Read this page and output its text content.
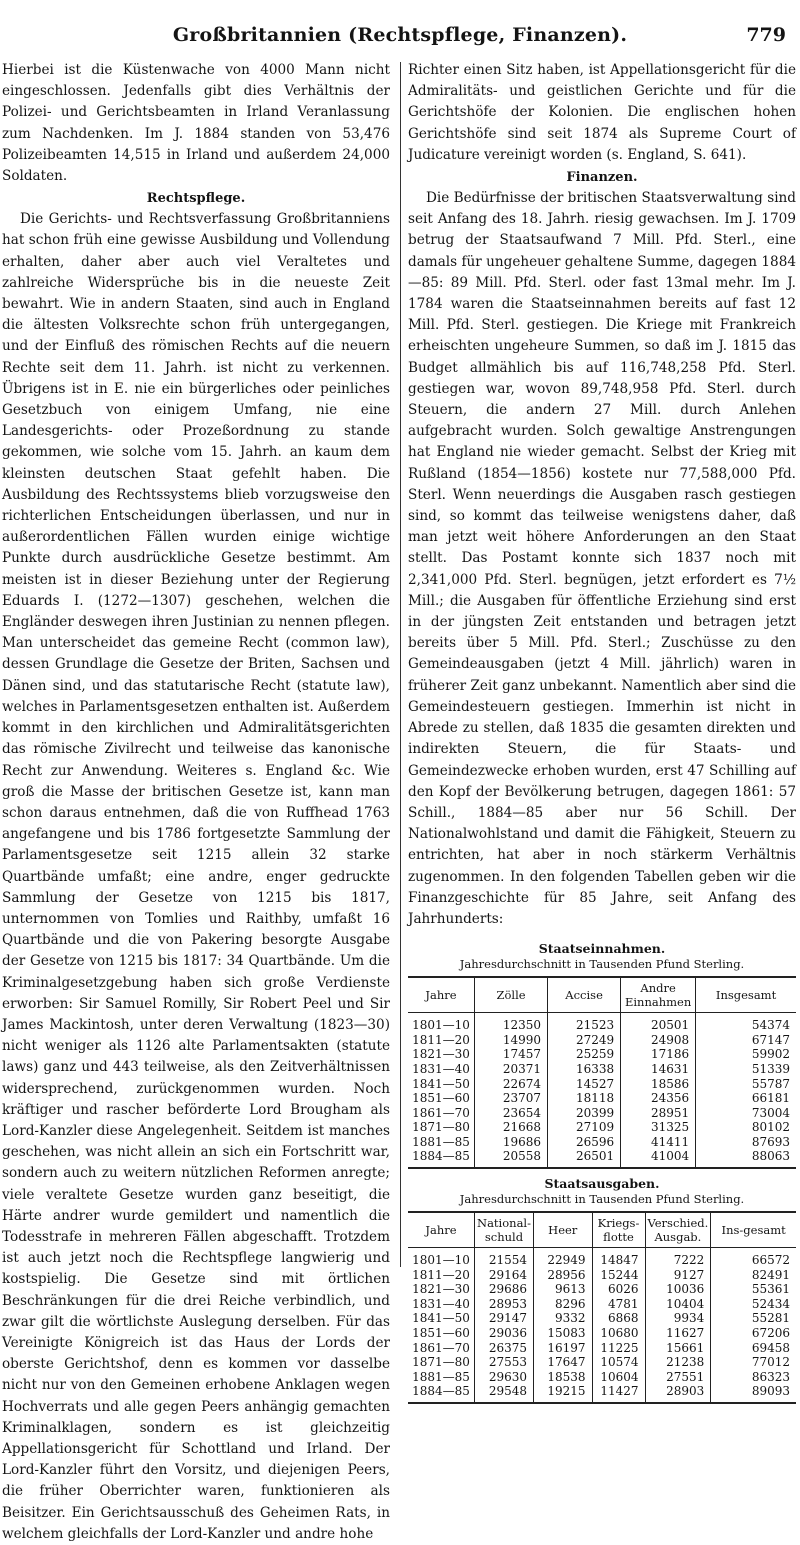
Großbritannien (Rechtspflege, Finanzen).	779

Hierbei ist die Küstenwache von 4000 Mann nicht eingeschlossen. Jedenfalls gibt dies Verhältnis der Polizei- und Gerichtsbeamten in Irland Veranlassung zum Nachdenken. Im J. 1884 standen von 53,476 Polizeibeamten 14,515 in Irland und außerdem 24,000 Soldaten.

Rechtspflege.

Die Gerichts- und Rechtsverfassung Großbritanniens hat schon früh eine gewisse Ausbildung und Vollendung erhalten, daher aber auch viel Veraltetes und zahlreiche Widersprüche bis in die neueste Zeit bewahrt. Wie in andern Staaten, sind auch in England die ältesten Volksrechte schon früh untergegangen, und der Einfluß des römischen Rechts auf die neuern Rechte seit dem 11. Jahrh. ist nicht zu verkennen. Übrigens ist in E. nie ein bürgerliches oder peinliches Gesetzbuch von einigem Umfang, nie eine Landesgerichts- oder Prozeßordnung zu stande gekommen, wie solche vom 15. Jahrh. an kaum dem kleinsten deutschen Staat gefehlt haben. Die Ausbildung des Rechtssystems blieb vorzugsweise den richterlichen Entscheidungen überlassen, und nur in außerordentlichen Fällen wurden einige wichtige Punkte durch ausdrückliche Gesetze bestimmt. Am meisten ist in dieser Beziehung unter der Regierung Eduards I. (1272—1307) geschehen, welchen die Engländer deswegen ihren Justinian zu nennen pflegen. Man unterscheidet das gemeine Recht (common law), dessen Grundlage die Gesetze der Briten, Sachsen und Dänen sind, und das statutarische Recht (statute law), welches in Parlamentsgesetzen enthalten ist. Außerdem kommt in den kirchlichen und Admiralitätsgerichten das römische Zivilrecht und teilweise das kanonische Recht zur Anwendung. Weiteres s. England &c. Wie groß die Masse der britischen Gesetze ist, kann man schon daraus entnehmen, daß die von Ruffhead 1763 angefangene und bis 1786 fortgesetzte Sammlung der Parlamentsgesetze seit 1215 allein 32 starke Quartbände umfaßt; eine andre, enger gedruckte Sammlung der Gesetze von 1215 bis 1817, unternommen von Tomlies und Raithby, umfaßt 16 Quartbände und die von Pakering besorgte Ausgabe der Gesetze von 1215 bis 1817: 34 Quartbände. Um die Kriminalgesetzgebung haben sich große Verdienste erworben: Sir Samuel Romilly, Sir Robert Peel und Sir James Mackintosh, unter deren Verwaltung (1823—30) nicht weniger als 1126 alte Parlamentsakten (statute laws) ganz und 443 teilweise, als den Zeitverhältnissen widersprechend, zurückgenommen wurden. Noch kräftiger und rascher beförderte Lord Brougham als Lord-Kanzler diese Angelegenheit. Seitdem ist manches geschehen, was nicht allein an sich ein Fortschritt war, sondern auch zu weitern nützlichen Reformen anregte; viele veraltete Gesetze wurden ganz beseitigt, die Härte andrer wurde gemildert und namentlich die Todesstrafe in mehreren Fällen abgeschafft. Trotzdem ist auch jetzt noch die Rechtspflege langwierig und kostspielig. Die Gesetze sind mit örtlichen Beschränkungen für die drei Reiche verbindlich, und zwar gilt die wörtlichste Auslegung derselben. Für das Vereinigte Königreich ist das Haus der Lords der oberste Gerichtshof, denn es kommen vor dasselbe nicht nur von den Gemeinen erhobene Anklagen wegen Hochverrats und alle gegen Peers anhängig gemachten Kriminalklagen, sondern es ist gleichzeitig Appellationsgericht für Schottland und Irland. Der Lord-Kanzler führt den Vorsitz, und diejenigen Peers, die früher Oberrichter waren, funktionieren als Beisitzer. Ein Gerichtsausschuß des Geheimen Rats, in welchem gleichfalls der Lord-Kanzler und andre hohe

Richter einen Sitz haben, ist Appellationsgericht für die Admiralitäts- und geistlichen Gerichte und für die Gerichtshöfe der Kolonien. Die englischen hohen Gerichtshöfe sind seit 1874 als Supreme Court of Judicature vereinigt worden (s. England, S. 641).

Finanzen.

Die Bedürfnisse der britischen Staatsverwaltung sind seit Anfang des 18. Jahrh. riesig gewachsen. Im J. 1709 betrug der Staatsaufwand 7 Mill. Pfd. Sterl., eine damals für ungeheuer gehaltene Summe, dagegen 1884—85: 89 Mill. Pfd. Sterl. oder fast 13mal mehr. Im J. 1784 waren die Staatseinnahmen bereits auf fast 12 Mill. Pfd. Sterl. gestiegen. Die Kriege mit Frankreich erheischten ungeheure Summen, so daß im J. 1815 das Budget allmählich bis auf 116,748,258 Pfd. Sterl. gestiegen war, wovon 89,748,958 Pfd. Sterl. durch Steuern, die andern 27 Mill. durch Anlehen aufgebracht wurden. Solch gewaltige Anstrengungen hat England nie wieder gemacht. Selbst der Krieg mit Rußland (1854—1856) kostete nur 77,588,000 Pfd. Sterl. Wenn neuerdings die Ausgaben rasch gestiegen sind, so kommt das teilweise wenigstens daher, daß man jetzt weit höhere Anforderungen an den Staat stellt. Das Postamt konnte sich 1837 noch mit 2,341,000 Pfd. Sterl. begnügen, jetzt erfordert es 7½ Mill.; die Ausgaben für öffentliche Erziehung sind erst in der jüngsten Zeit entstanden und betragen jetzt bereits über 5 Mill. Pfd. Sterl.; Zuschüsse zu den Gemeindeausgaben (jetzt 4 Mill. jährlich) waren in früherer Zeit ganz unbekannt. Namentlich aber sind die Gemeindesteuern gestiegen. Immerhin ist nicht in Abrede zu stellen, daß 1835 die gesamten direkten und indirekten Steuern, die für Staats- und Gemeindezwecke erhoben wurden, erst 47 Schilling auf den Kopf der Bevölkerung betrugen, dagegen 1861: 57 Schill., 1884—85 aber nur 56 Schill. Der Nationalwohlstand und damit die Fähigkeit, Steuern zu entrichten, hat aber in noch stärkerm Verhältnis zugenommen. In den folgenden Tabellen geben wir die Finanzgeschichte für 85 Jahre, seit Anfang des Jahrhunderts:

Staatseinnahmen.
Jahresdurchschnitt in Tausenden Pfund Sterling.
Jahre	Zölle	Accise	Andre Einnahmen	Insgesamt
1801—10	12350	21523	20501	54374
1811—20	14990	27249	24908	67147
1821—30	17457	25259	17186	59902
1831—40	20371	16338	14631	51339
1841—50	22674	14527	18586	55787
1851—60	23707	18118	24356	66181
1861—70	23654	20399	28951	73004
1871—80	21668	27109	31325	80102
1881—85	19686	26596	41411	87693
1884—85	20558	26501	41004	88063
Staatsausgaben.
Jahresdurchschnitt in Tausenden Pfund Sterling.
Jahre	National-schuld	Heer	Kriegs-flotte	Verschied. Ausgab.	Ins-gesamt
1801—10	21554	22949	14847	7222	66572
1811—20	29164	28956	15244	9127	82491
1821—30	29686	9613	6026	10036	55361
1831—40	28953	8296	4781	10404	52434
1841—50	29147	9332	6868	9934	55281
1851—60	29036	15083	10680	11627	67206
1861—70	26375	16197	11225	15661	69458
1871—80	27553	17647	10574	21238	77012
1881—85	29630	18538	10604	27551	86323
1884—85	29548	19215	11427	28903	89093
